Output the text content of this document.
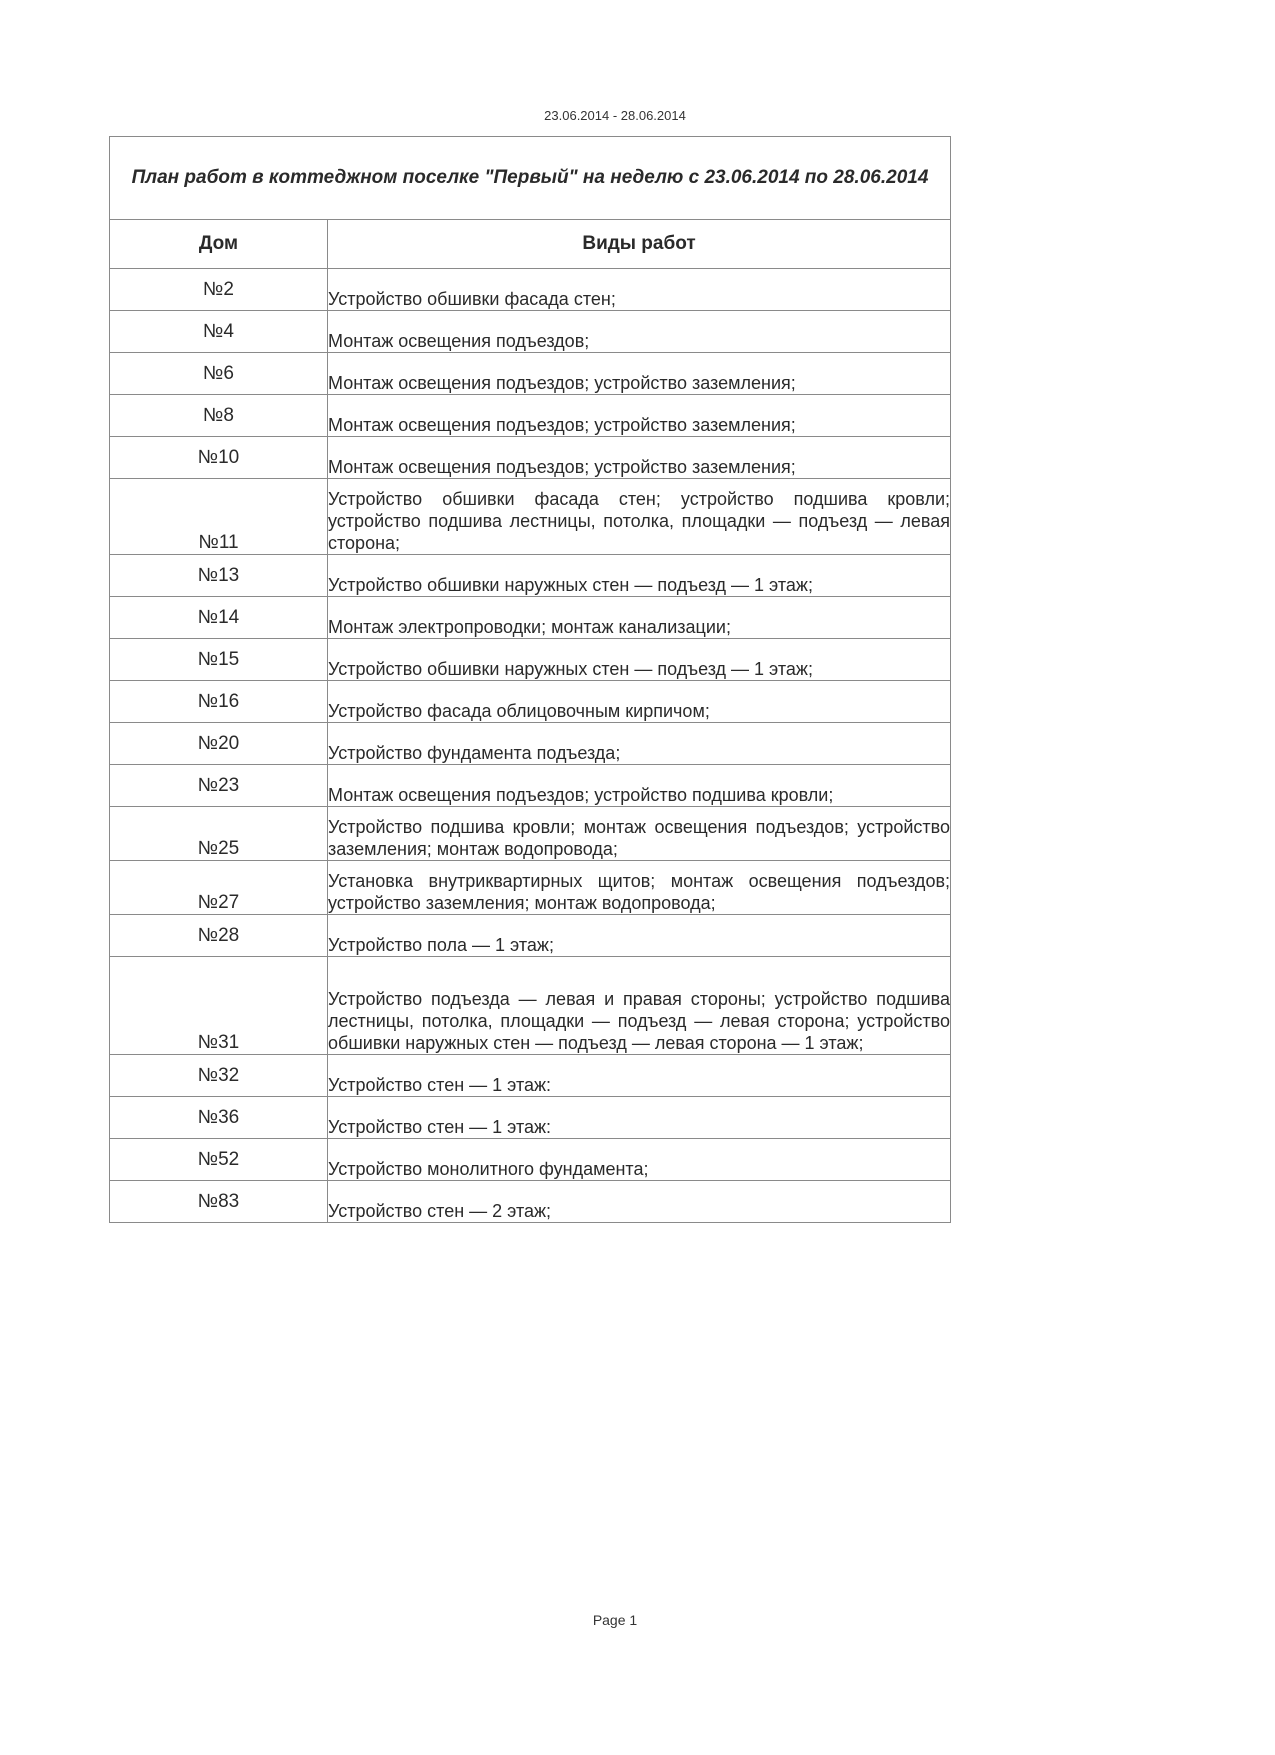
23.06.2014 - 28.06.2014
План работ в коттеджном поселке "Первый" на неделю с 23.06.2014 по 28.06.2014	
Дом	Виды работ
№2	Устройство обшивки фасада стен;
№4	Монтаж освещения подъездов;
№6	Монтаж освещения подъездов; устройство заземления;
№8	Монтаж освещения подъездов; устройство заземления;
№10	Монтаж освещения подъездов; устройство заземления;
№11	Устройство обшивки фасада стен; устройство подшива кровли; устройство подшива лестницы, потолка, площадки — подъезд — левая сторона;
№13	Устройство обшивки наружных стен — подъезд — 1 этаж;
№14	Монтаж электропроводки; монтаж канализации;
№15	Устройство обшивки наружных стен — подъезд — 1 этаж;
№16	Устройство фасада облицовочным кирпичом;
№20	Устройство фундамента подъезда;
№23	Монтаж освещения подъездов; устройство подшива кровли;
№25	Устройство подшива кровли; монтаж освещения подъездов; устройство заземления; монтаж водопровода;
№27	Установка внутриквартирных щитов; монтаж освещения подъездов; устройство заземления; монтаж водопровода;
№28	Устройство пола — 1 этаж;
№31	Устройство подъезда — левая и правая стороны; устройство подшива лестницы, потолка, площадки — подъезд — левая сторона; устройство обшивки наружных стен — подъезд — левая сторона — 1 этаж;
№32	Устройство стен — 1 этаж:
№36	Устройство стен — 1 этаж:
№52	Устройство монолитного фундамента;
№83	Устройство стен — 2 этаж;
Page 1
